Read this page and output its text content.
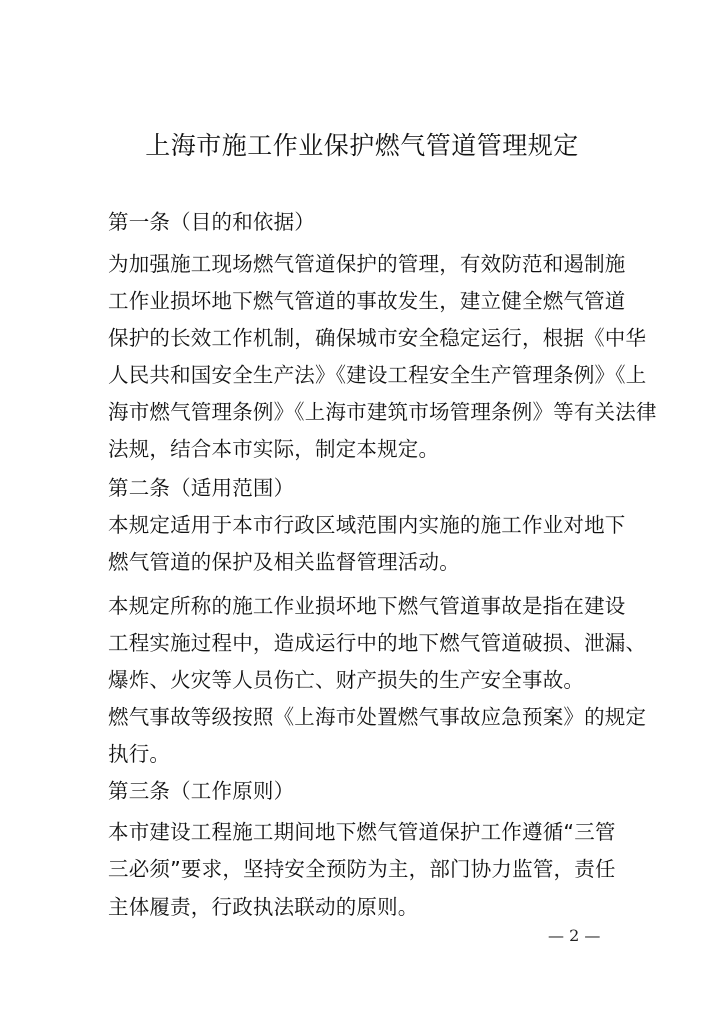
上海市施工作业保护燃气管道管理规定
第一条（目的和依据）
为加强施工现场燃气管道保护的管理，有效防范和遏制施
工作业损坏地下燃气管道的事故发生，建立健全燃气管道
保护的长效工作机制，确保城市安全稳定运行，根据《中华
人民共和国安全生产法》《建设工程安全生产管理条例》《上
海市燃气管理条例》《上海市建筑市场管理条例》等有关法律
法规，结合本市实际，制定本规定。
第二条（适用范围）
本规定适用于本市行政区域范围内实施的施工作业对地下
燃气管道的保护及相关监督管理活动。
本规定所称的施工作业损坏地下燃气管道事故是指在建设
工程实施过程中，造成运行中的地下燃气管道破损、泄漏、
爆炸、火灾等人员伤亡、财产损失的生产安全事故。
燃气事故等级按照《上海市处置燃气事故应急预案》的规定
执行。
第三条（工作原则）
本市建设工程施工期间地下燃气管道保护工作遵循“三管
三必须”要求，坚持安全预防为主，部门协力监管，责任
主体履责，行政执法联动的原则。
— 2 —
